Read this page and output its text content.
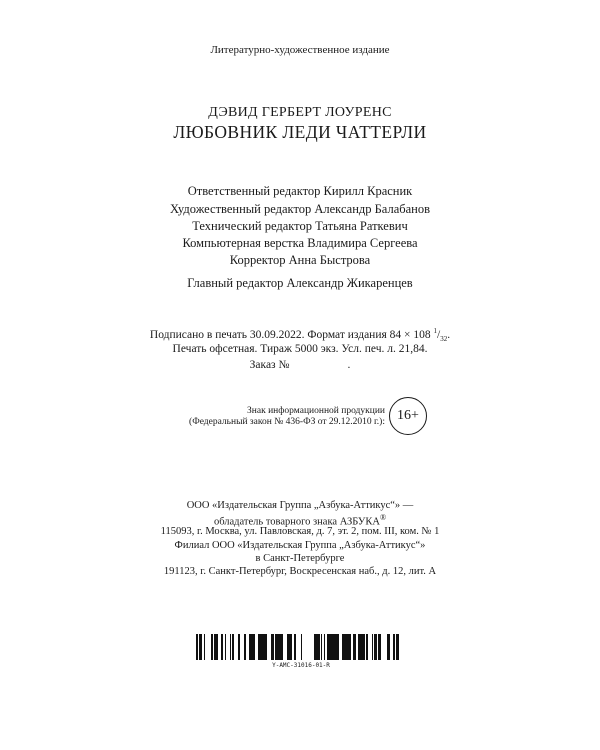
Литературно-художественное издание
ДЭВИД ГЕРБЕРТ ЛОУРЕНС
ЛЮБОВНИК ЛЕДИ ЧАТТЕРЛИ
Ответственный редактор Кирилл Красник
Художественный редактор Александр Балабанов
Технический редактор Татьяна Раткевич
Компьютерная верстка Владимира Сергеева
Корректор Анна Быстрова
Главный редактор Александр Жикаренцев
Подписано в печать 30.09.2022. Формат издания 84 × 108 $^1/_{32}$.
Печать офсетная. Тираж 5000 экз. Усл. печ. л. 21,84.
Заказ №	.
Знак информационной продукции
(Федеральный закон № 436-ФЗ от 29.12.2010 г.): 16+
ООО «Издательская Группа „Азбука-Аттикус“» —
обладатель товарного знака АЗБУКА®
115093, г. Москва, ул. Павловская, д. 7, эт. 2, пом. III, ком. № 1
Филиал ООО «Издательская Группа „Азбука-Аттикус“»
в Санкт-Петербурге
191123, г. Санкт-Петербург, Воскресенская наб., д. 12, лит. А
Y-AMC-31016-01-R
